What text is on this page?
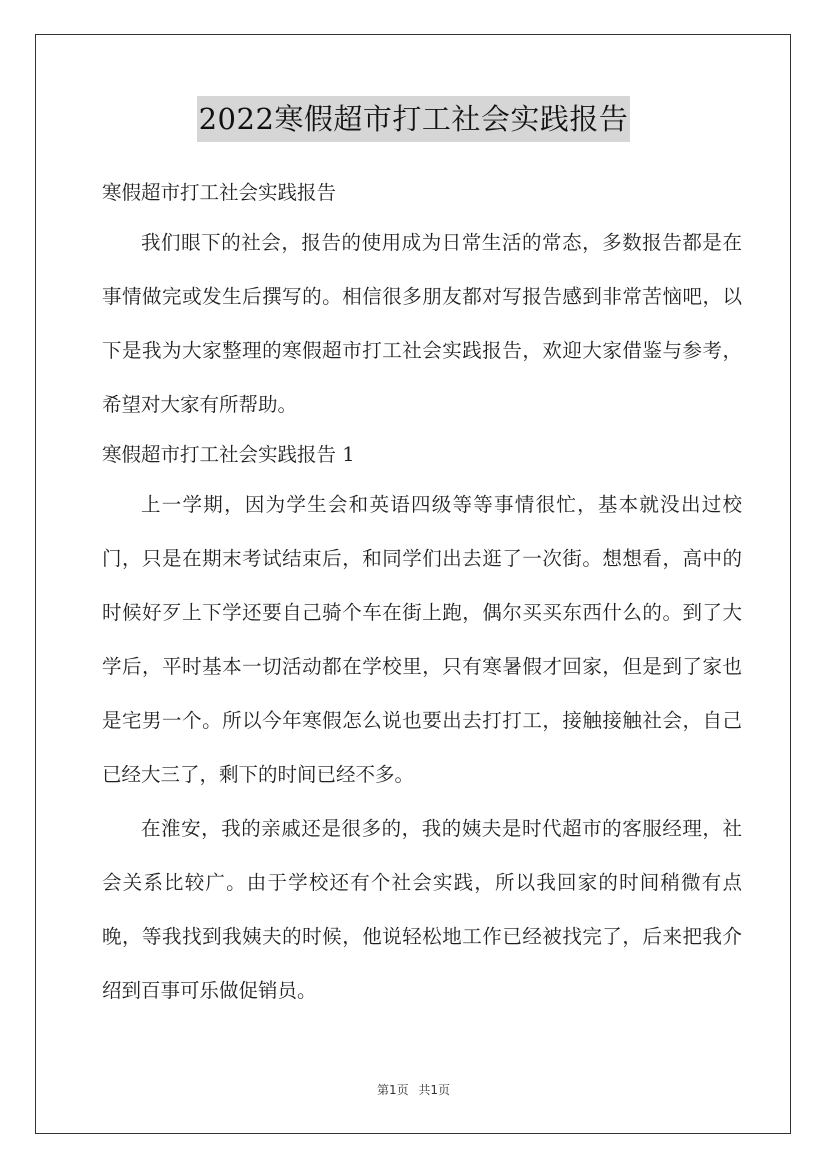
2022寒假超市打工社会实践报告

寒假超市打工社会实践报告

我们眼下的社会，报告的使用成为日常生活的常态，多数报告都是在事情做完或发生后撰写的。相信很多朋友都对写报告感到非常苦恼吧，以下是我为大家整理的寒假超市打工社会实践报告，欢迎大家借鉴与参考，希望对大家有所帮助。

寒假超市打工社会实践报告 1

上一学期，因为学生会和英语四级等等事情很忙，基本就没出过校门，只是在期末考试结束后，和同学们出去逛了一次街。想想看，高中的时候好歹上下学还要自己骑个车在街上跑，偶尔买买东西什么的。到了大学后，平时基本一切活动都在学校里，只有寒暑假才回家，但是到了家也是宅男一个。所以今年寒假怎么说也要出去打打工，接触接触社会，自己已经大三了，剩下的时间已经不多。

在淮安，我的亲戚还是很多的，我的姨夫是时代超市的客服经理，社会关系比较广。由于学校还有个社会实践，所以我回家的时间稍微有点晚，等我找到我姨夫的时候，他说轻松地工作已经被找完了，后来把我介绍到百事可乐做促销员。

第1页 共1页
